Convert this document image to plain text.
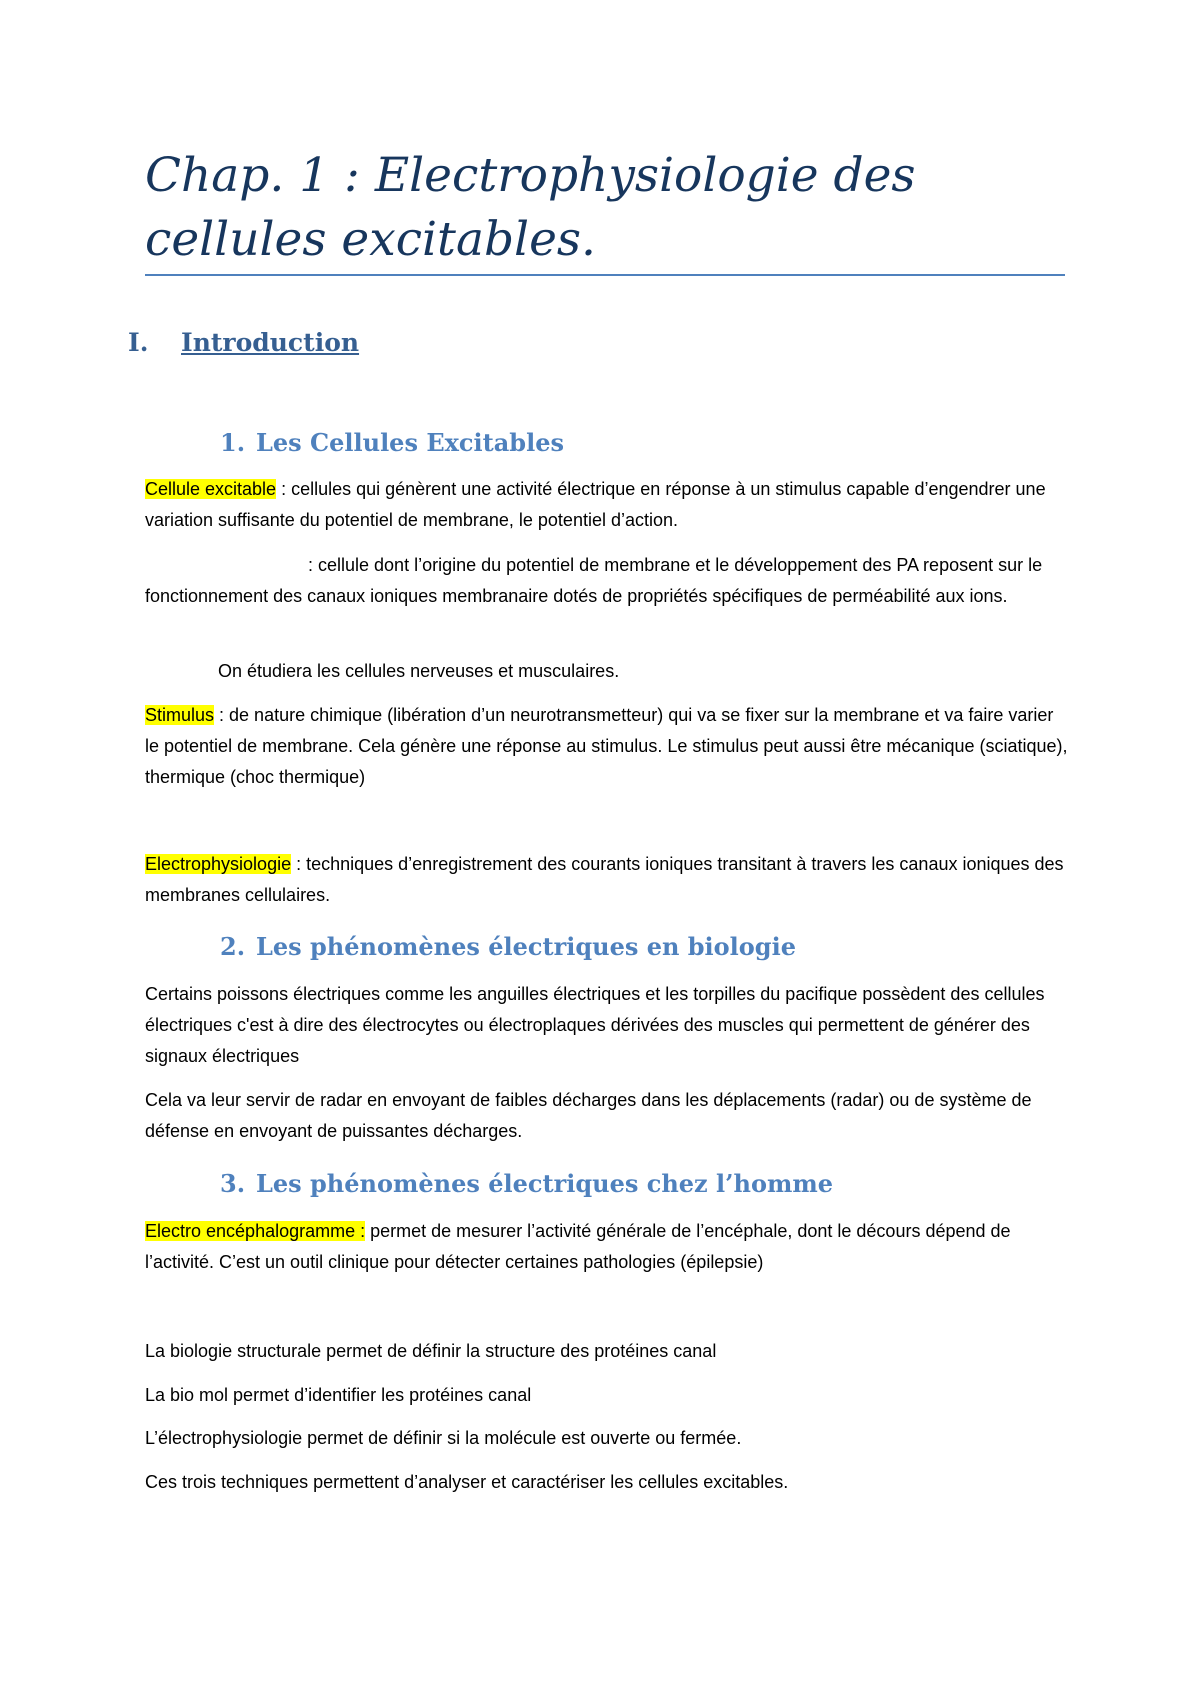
Chap. 1 : Electrophysiologie des cellules excitables.
I. Introduction
1. Les Cellules Excitables

Cellule excitable : cellules qui génèrent une activité électrique en réponse à un stimulus capable d’engendrer une variation suffisante du potentiel de membrane, le potentiel d’action.

: cellule dont l’origine du potentiel de membrane et le développement des PA reposent sur le fonctionnement des canaux ioniques membranaire dotés de propriétés spécifiques de perméabilité aux ions.

On étudiera les cellules nerveuses et musculaires.

Stimulus : de nature chimique (libération d’un neurotransmetteur) qui va se fixer sur la membrane et va faire varier le potentiel de membrane. Cela génère une réponse au stimulus. Le stimulus peut aussi être mécanique (sciatique), thermique (choc thermique)

Electrophysiologie : techniques d’enregistrement des courants ioniques transitant à travers les canaux ioniques des membranes cellulaires.

2. Les phénomènes électriques en biologie

Certains poissons électriques comme les anguilles électriques et les torpilles du pacifique possèdent des cellules électriques c'est à dire des électrocytes ou électroplaques dérivées des muscles qui permettent de générer des signaux électriques

Cela va leur servir de radar en envoyant de faibles décharges dans les déplacements (radar) ou de système de défense en envoyant de puissantes décharges.

3. Les phénomènes électriques chez l’homme

Electro encéphalogramme : permet de mesurer l’activité générale de l’encéphale, dont le décours dépend de l’activité. C’est un outil clinique pour détecter certaines pathologies (épilepsie)

La biologie structurale permet de définir la structure des protéines canal

La bio mol permet d’identifier les protéines canal

L’électrophysiologie permet de définir si la molécule est ouverte ou fermée.

Ces trois techniques permettent d’analyser et caractériser les cellules excitables.
